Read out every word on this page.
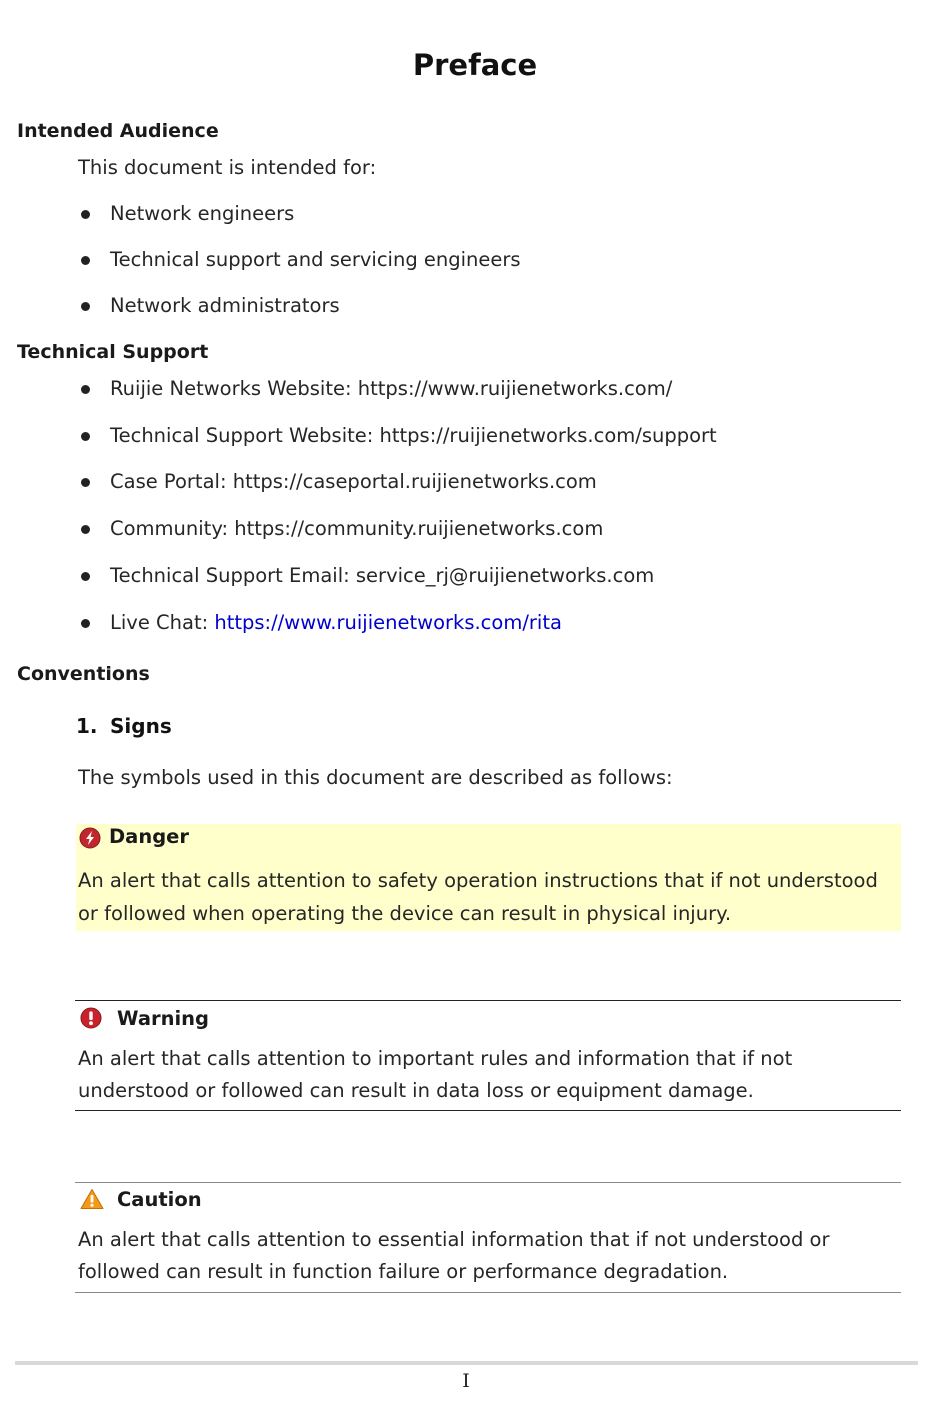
Preface
Intended Audience
This document is intended for:
Network engineers
Technical support and servicing engineers
Network administrators
Technical Support
Ruijie Networks Website: https://www.ruijienetworks.com/
Technical Support Website: https://ruijienetworks.com/support
Case Portal: https://caseportal.ruijienetworks.com
Community: https://community.ruijienetworks.com
Technical Support Email: service_rj@ruijienetworks.com
Live Chat: https://www.ruijienetworks.com/rita
Conventions
1. Signs
The symbols used in this document are described as follows:
Danger
An alert that calls attention to safety operation instructions that if not understood or followed when operating the device can result in physical injury.
Warning
An alert that calls attention to important rules and information that if not understood or followed can result in data loss or equipment damage.
Caution
An alert that calls attention to essential information that if not understood or followed can result in function failure or performance degradation.
I
